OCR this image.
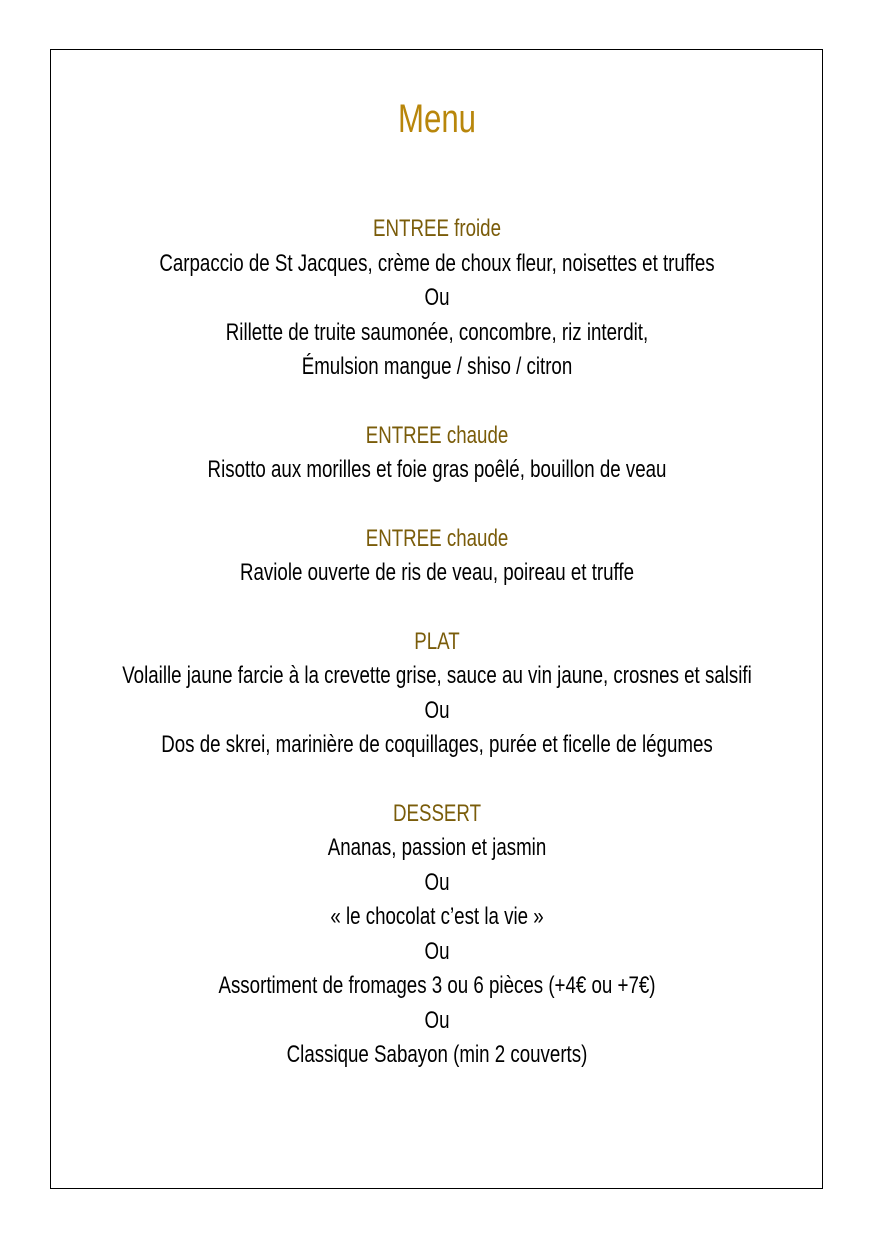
Menu
ENTREE froide
Carpaccio de St Jacques, crème de choux fleur, noisettes et truffes
Ou
Rillette de truite saumonée, concombre, riz interdit,
Émulsion mangue / shiso / citron
ENTREE chaude
Risotto aux morilles et foie gras poêlé, bouillon de veau
ENTREE chaude
Raviole ouverte de ris de veau, poireau et truffe
PLAT
Volaille jaune farcie à la crevette grise, sauce au vin jaune, crosnes et salsifi
Ou
Dos de skrei, marinière de coquillages, purée et ficelle de légumes
DESSERT
Ananas, passion et jasmin
Ou
« le chocolat c’est la vie »
Ou
Assortiment de fromages 3 ou 6 pièces (+4€ ou +7€)
Ou
Classique Sabayon (min 2 couverts)
